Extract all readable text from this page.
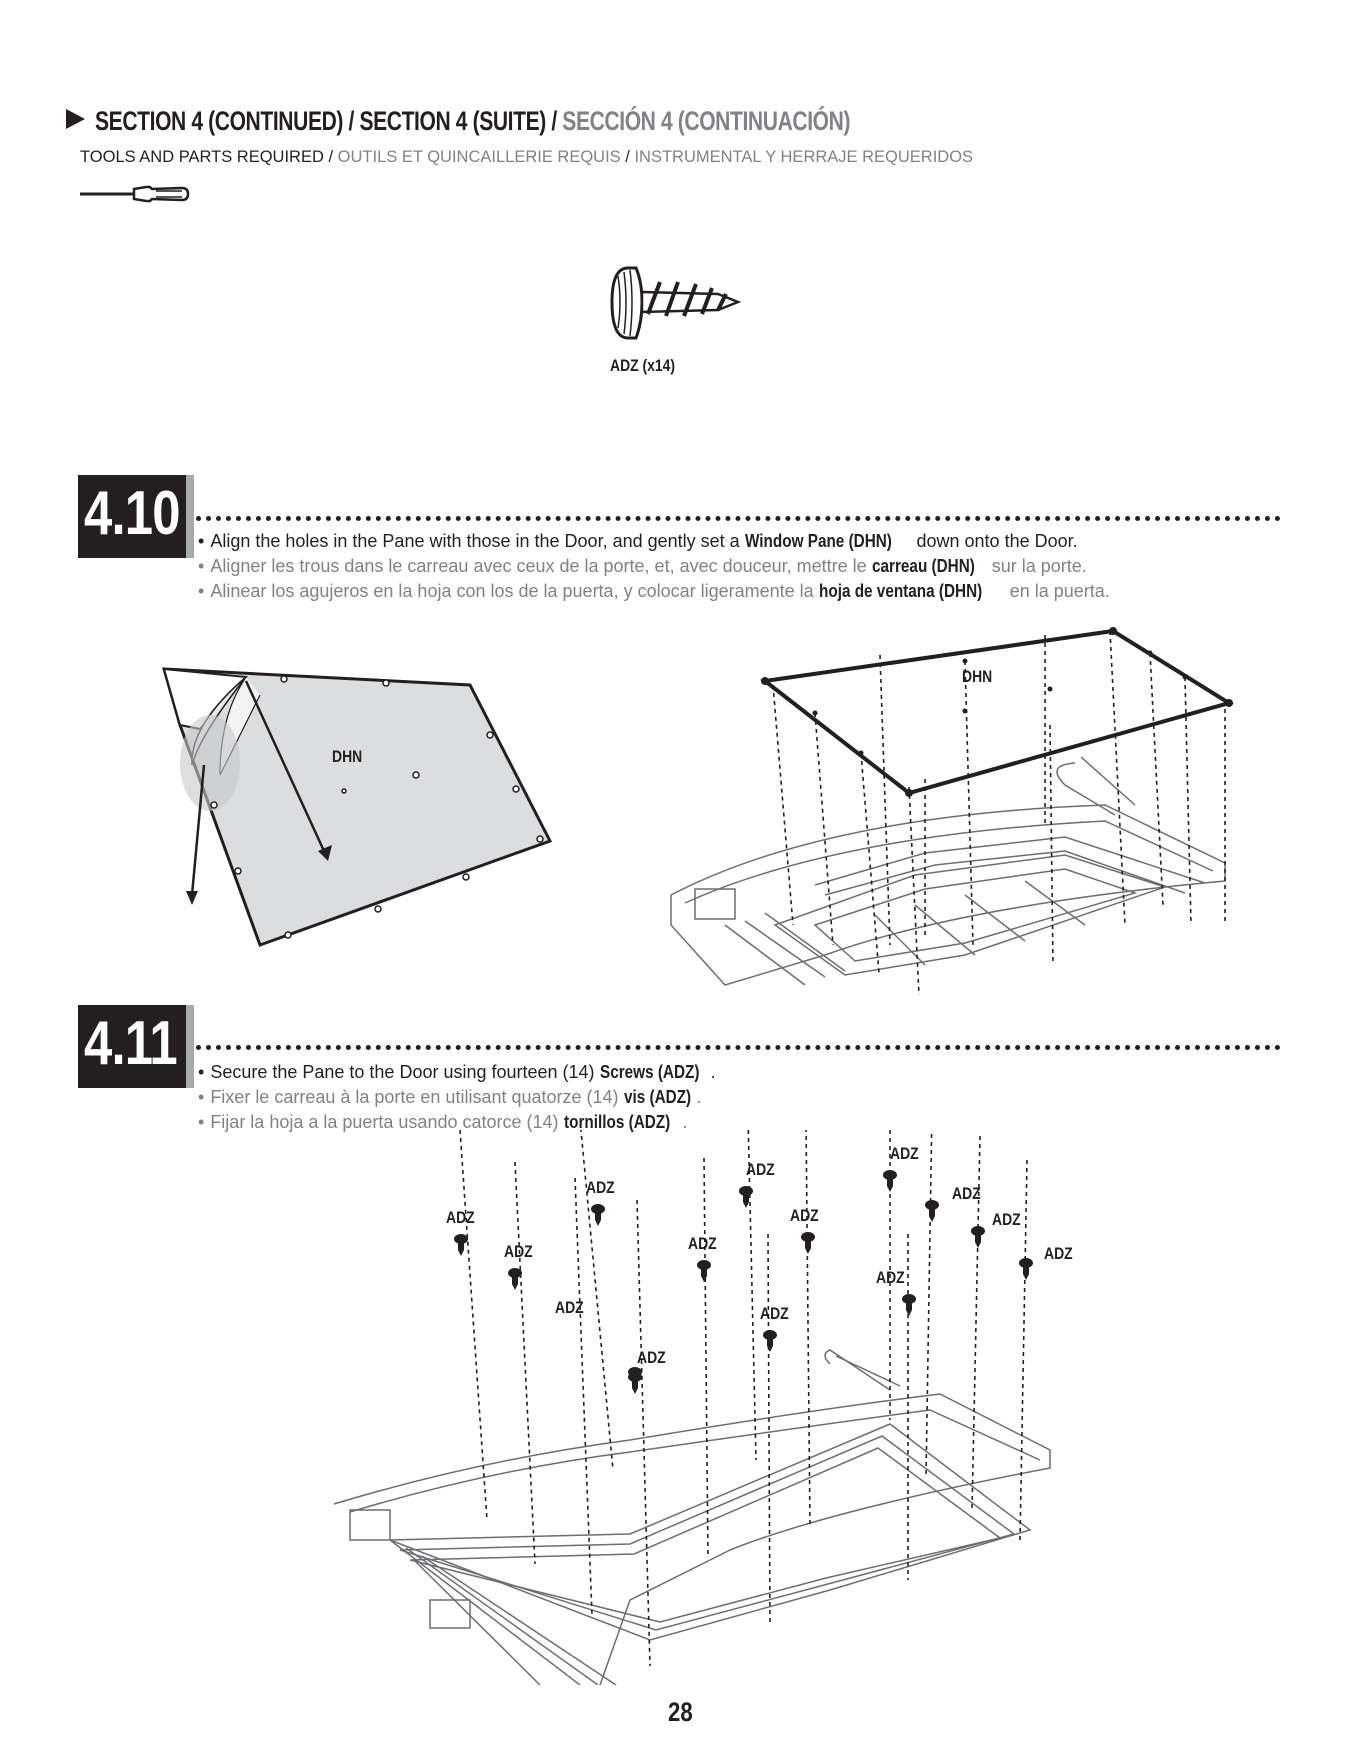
SECTION 4 (CONTINUED) / SECTION 4 (SUITE) / SECCIÓN 4 (CONTINUACIÓN)
TOOLS AND PARTS REQUIRED / OUTILS ET QUINCAILLERIE REQUIS / INSTRUMENTAL Y HERRAJE REQUERIDOS
ADZ (x14)
4.10 • Align the holes in the Pane with those in the Door, and gently set a Window Pane (DHN) down onto the Door.
• Aligner les trous dans le carreau avec ceux de la porte, et, avec douceur, mettre le carreau (DHN) sur la porte.
• Alinear los agujeros en la hoja con los de la puerta, y colocar ligeramente la hoja de ventana (DHN) en la puerta.
DHN
DHN
4.11 • Secure the Pane to the Door using fourteen (14) Screws (ADZ) .
• Fixer le carreau à la porte en utilisant quatorze (14) vis (ADZ) .
• Fijar la hoja a la puerta usando catorce (14) tornillos (ADZ) .
ADZ
ADZ
ADZ
ADZ
ADZ
ADZ
ADZ
ADZ
ADZ
ADZ
ADZ
ADZ
ADZ
ADZ
28
